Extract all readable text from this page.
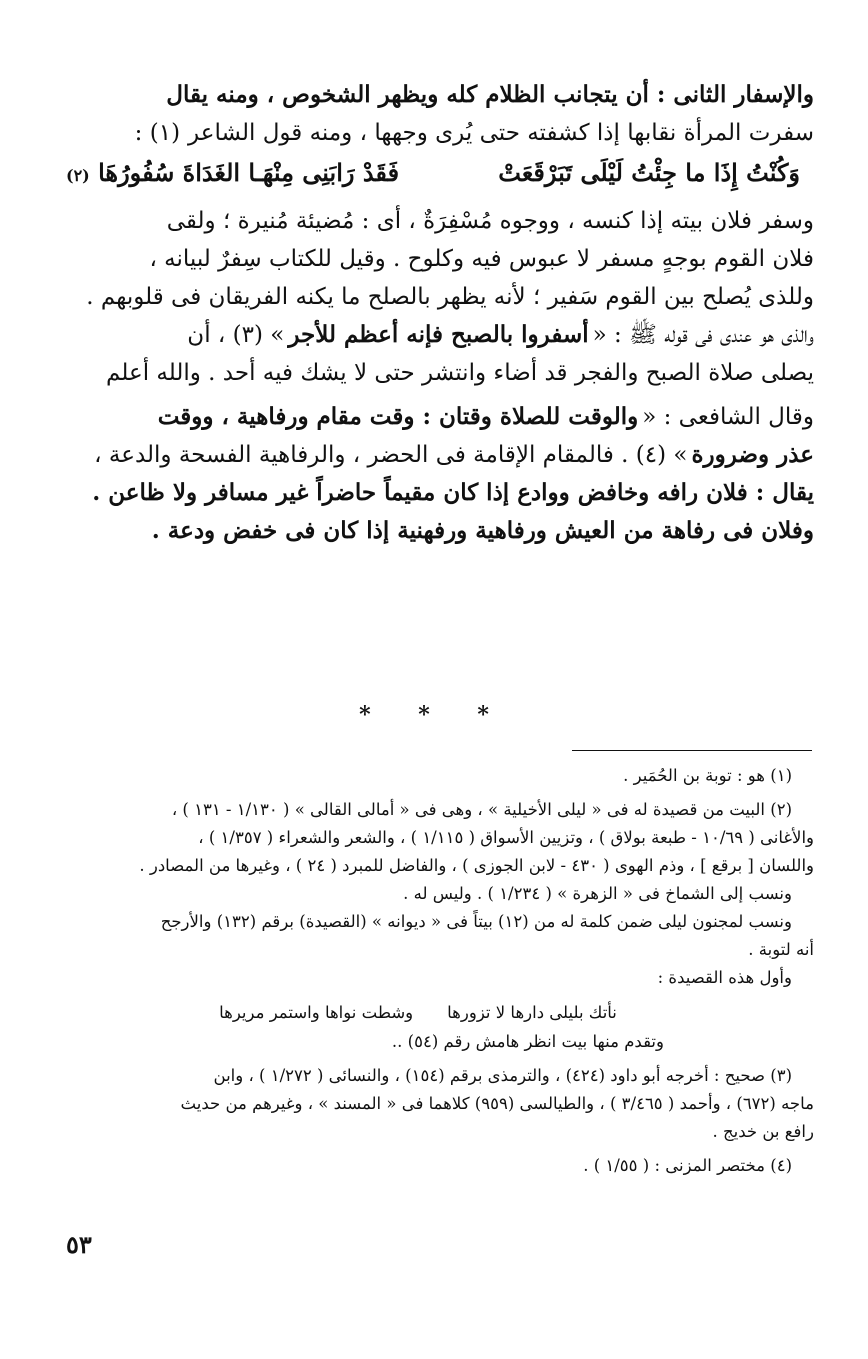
والإسفار الثانى : أن يتجانب الظلام كله ويظهر الشخوص ، ومنه يقال
سفرت المرأة نقابها إذا كشفته حتى يُرى وجهها ، ومنه قول الشاعر
(١) :
وَكُنْتُ إِذَا ما جِئْتُ لَيْلَى تَبَرْقَعَتْ
فَقَدْ رَابَنِى مِنْهَـا الغَدَاةَ سُفُورُهَا (٢)
وسفر فلان بيته إذا كنسه ، ووجوه مُسْفِرَةٌ ، أى : مُضيئة مُنيرة ؛ ولقى
فلان القوم بوجهٍ مسفر لا عبوس فيه وكلوح . وقيل للكتاب سِفرٌ لبيانه ،
وللذى يُصلح بين القوم سَفير ؛ لأنه يظهر بالصلح ما يكنه الفريقان فى قلوبهم .
والذى هو عندى فى قوله ﷺ : «
أسفروا بالصبح فإنه أعظم للأجر
» (٣) ، أن
يصلى صلاة الصبح والفجر قد أضاء وانتشر حتى لا يشك فيه أحد . والله أعلم
وقال الشافعى : «
والوقت للصلاة وقتان : وقت مقام ورفاهية ، ووقت
عذر وضرورة
» (٤) . فالمقام الإقامة فى الحضر ، والرفاهية الفسحة والدعة ،
يقال : فلان رافه وخافض ووادع إذا كان مقيماً حاضراً غير مسافر ولا ظاعن .
وفلان فى رفاهة من العيش ورفاهية ورفهنية إذا كان فى خفض ودعة .
* * *
(١) هو : توبة بن الحُمَير .
(٢) البيت من قصيدة له فى « ليلى الأخيلية » ، وهى فى « أمالى القالى » ( ١/١٣٠ - ١٣١ ) ،
والأغانى ( ١٠/٦٩ - طبعة بولاق ) ، وتزيين الأسواق ( ١/١١٥ ) ، والشعر والشعراء ( ١/٣٥٧ ) ،
واللسان [ برقع ] ، وذم الهوى ( ٤٣٠ - لابن الجوزى ) ، والفاضل للمبرد ( ٢٤ ) ، وغيرها من المصادر .
ونسب إلى الشماخ فى « الزهرة » ( ١/٢٣٤ ) . وليس له .
ونسب لمجنون ليلى ضمن كلمة له من (١٢) بيتاً فى « ديوانه » (القصيدة) برقم (١٣٢) والأرجح
أنه لتوبة .
وأول هذه القصيدة :
نأتك بليلى دارها لا تزورها
وشطت نواها واستمر مريرها
وتقدم منها بيت انظر هامش رقم (٥٤) ..
(٣) صحيح : أخرجه أبو داود (٤٢٤) ، والترمذى برقم (١٥٤) ، والنسائى ( ١/٢٧٢ ) ، وابن
ماجه (٦٧٢) ، وأحمد ( ٣/٤٦٥ ) ، والطيالسى (٩٥٩) كلاهما فى « المسند » ، وغيرهم من حديث
رافع بن خديج .
(٤) مختصر المزنى : ( ١/٥٥ ) .
٥٣
